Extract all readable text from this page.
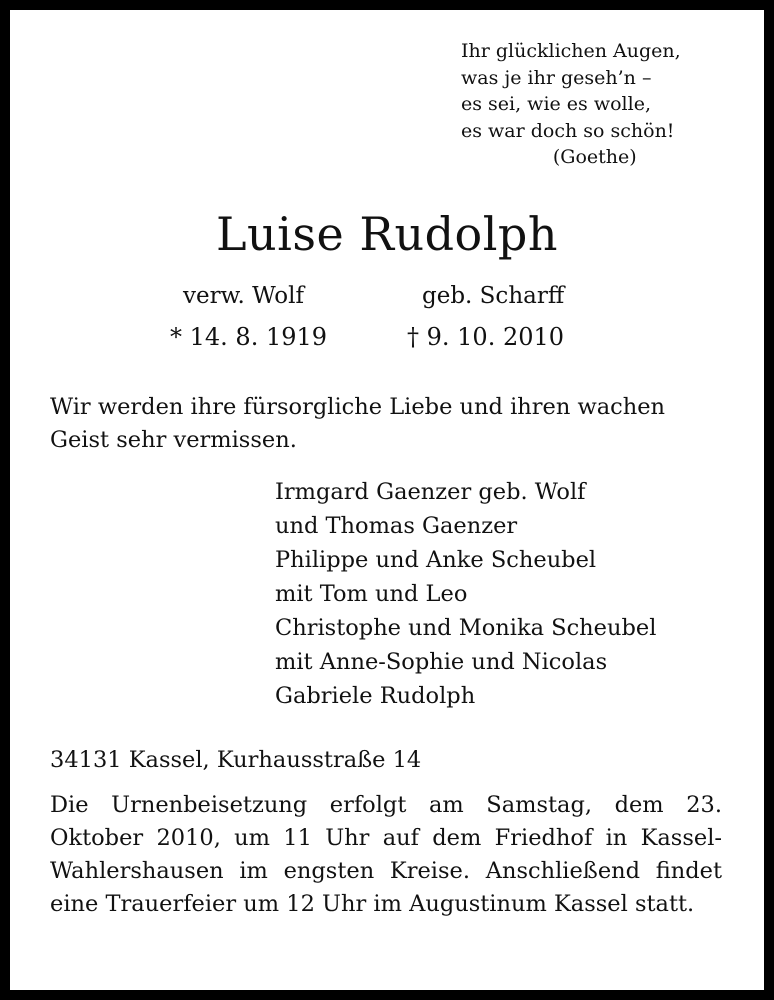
Ihr glücklichen Augen,
was je ihr geseh’n –
es sei, wie es wolle,
es war doch so schön!
(Goethe)
Luise Rudolph
verw. Wolf	geb. Scharff
* 14. 8. 1919	† 9. 10. 2010
Wir werden ihre fürsorgliche Liebe und ihren wachen Geist sehr vermissen.
Irmgard Gaenzer geb. Wolf
und Thomas Gaenzer
Philippe und Anke Scheubel
mit Tom und Leo
Christophe und Monika Scheubel
mit Anne-Sophie und Nicolas
Gabriele Rudolph
34131 Kassel, Kurhausstraße 14
Die Urnenbeisetzung erfolgt am Samstag, dem 23. Oktober 2010, um 11 Uhr auf dem Friedhof in Kassel-Wahlershausen im engsten Kreise. Anschließend findet eine Trauerfeier um 12 Uhr im Augustinum Kassel statt.
